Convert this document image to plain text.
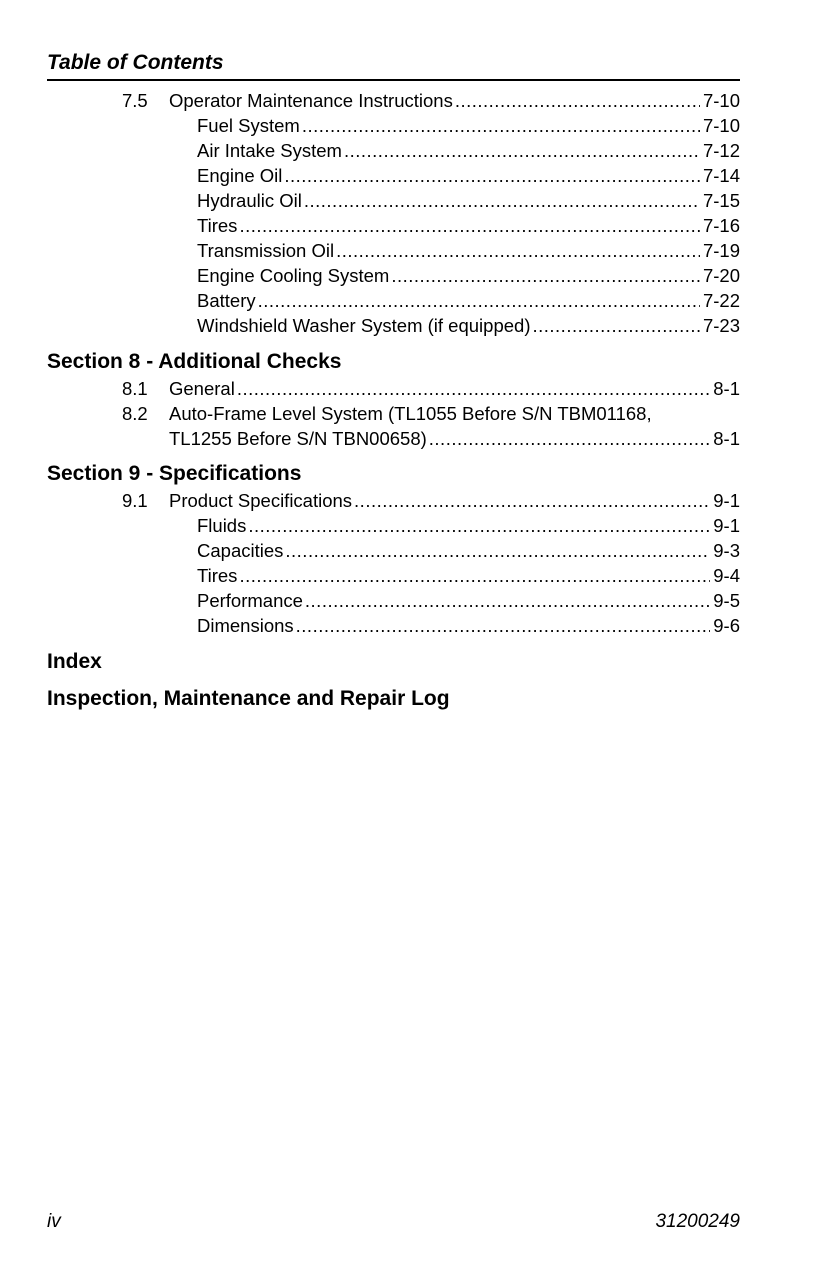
Table of Contents
7.5 Operator Maintenance Instructions .....	7-10
Fuel System .....	7-10
Air Intake System .....	7-12
Engine Oil .....	7-14
Hydraulic Oil .....	7-15
Tires .....	7-16
Transmission Oil .....	7-19
Engine Cooling System .....	7-20
Battery .....	7-22
Windshield Washer System (if equipped) .....	7-23
Section 8 - Additional Checks
8.1 General .....	8-1
8.2 Auto-Frame Level System (TL1055 Before S/N TBM01168,
TL1255 Before S/N TBN00658) .....	8-1
Section 9 - Specifications
9.1 Product Specifications .....	9-1
Fluids .....	9-1
Capacities .....	9-3
Tires .....	9-4
Performance .....	9-5
Dimensions .....	9-6
Index
Inspection, Maintenance and Repair Log
iv	31200249
